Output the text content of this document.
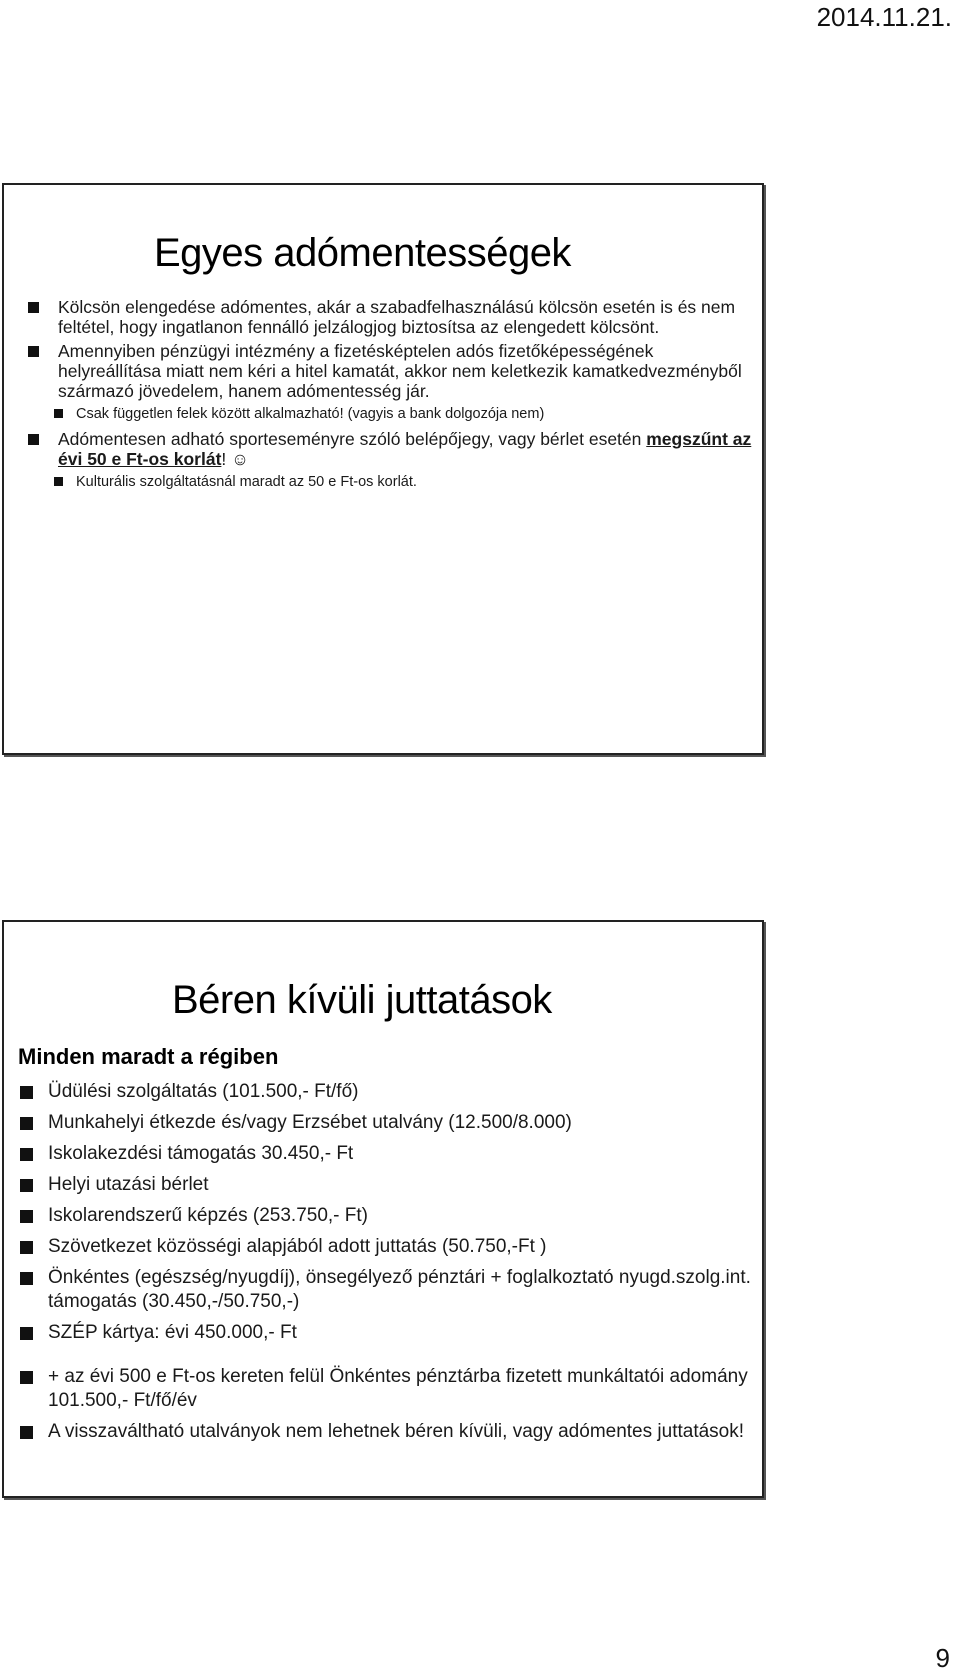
2014.11.21.
Egyes adómentességek
Kölcsön elengedése adómentes, akár a szabadfelhasználású kölcsön esetén is és nem feltétel, hogy ingatlanon fennálló jelzálogjog biztosítsa az elengedett kölcsönt.
Amennyiben pénzügyi intézmény a fizetésképtelen adós fizetőképességének helyreállítása miatt nem kéri a hitel kamatát, akkor nem keletkezik kamatkedvezményből származó jövedelem, hanem adómentesség jár.
Csak független felek között alkalmazható! (vagyis a bank dolgozója nem)
Adómentesen adható sporteseményre szóló belépőjegy, vagy bérlet esetén megszűnt az évi 50 e Ft-os korlát! ☺
Kulturális szolgáltatásnál maradt az 50 e Ft-os korlát.
Béren kívüli juttatások
Minden maradt a régiben
Üdülési szolgáltatás (101.500,- Ft/fő)
Munkahelyi étkezde és/vagy Erzsébet utalvány (12.500/8.000)
Iskolakezdési támogatás 30.450,- Ft
Helyi utazási bérlet
Iskolarendszerű képzés (253.750,- Ft)
Szövetkezet közösségi alapjából adott juttatás (50.750,-Ft )
Önkéntes (egészség/nyugdíj), önsegélyező pénztári + foglalkoztató nyugd.szolg.int. támogatás (30.450,-/50.750,-)
SZÉP kártya: évi 450.000,- Ft
+ az évi 500 e Ft-os kereten felül Önkéntes pénztárba fizetett munkáltatói adomány 101.500,- Ft/fő/év
A visszaváltható utalványok nem lehetnek béren kívüli, vagy adómentes juttatások!
9
